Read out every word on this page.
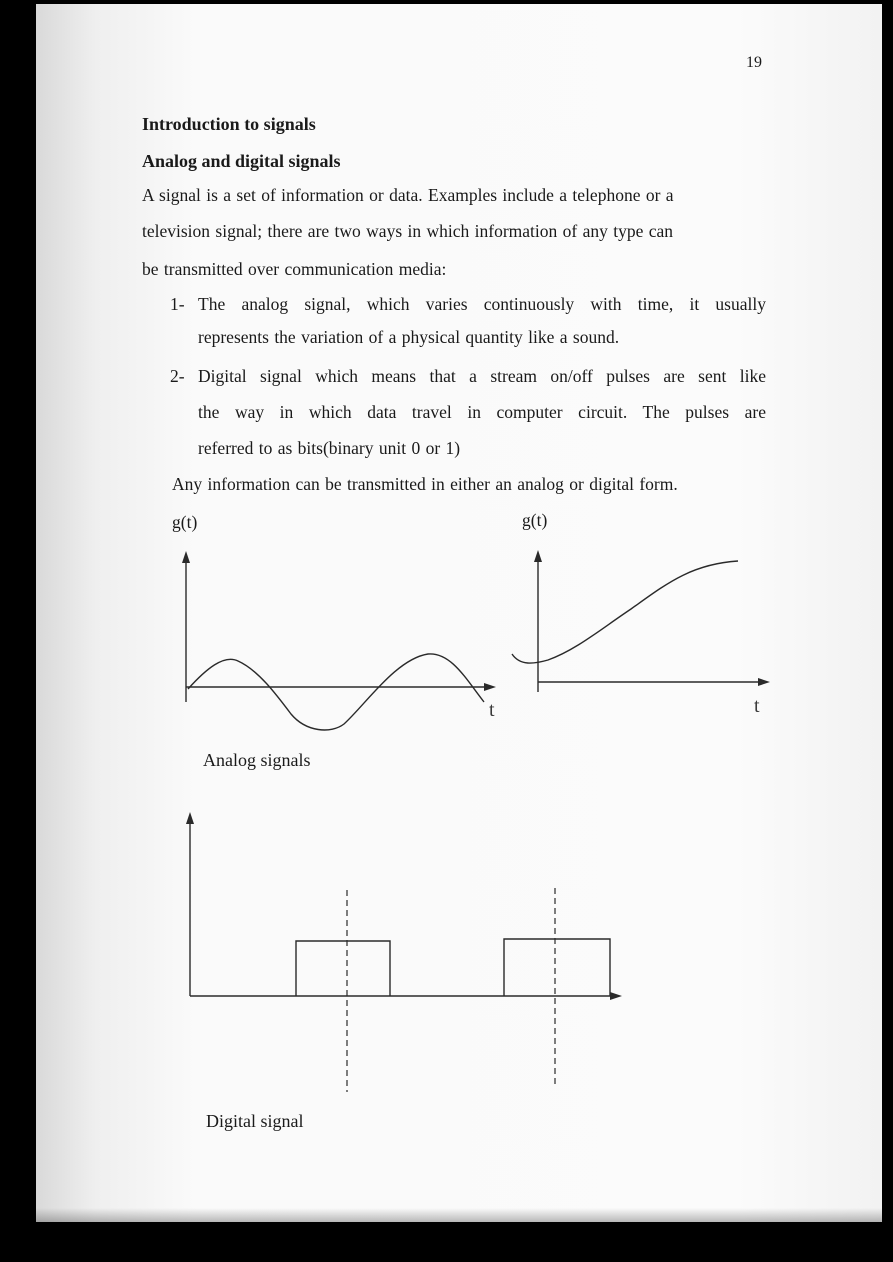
19
Introduction to signals
Analog and digital signals
A signal is a set of information or data. Examples include a telephone or a
television signal; there are two ways in which information of any type can
be transmitted over communication media:
1- The analog signal, which varies continuously with time, it usually
represents the variation of a physical quantity like a sound.
2- Digital signal which means that a stream on/off pulses are sent like
the way in which data travel in computer circuit. The pulses are
referred to as bits(binary unit 0 or 1)
Any information can be transmitted in either an analog or digital form.
g(t)	g(t)
t	t
Analog signals
Digital signal
